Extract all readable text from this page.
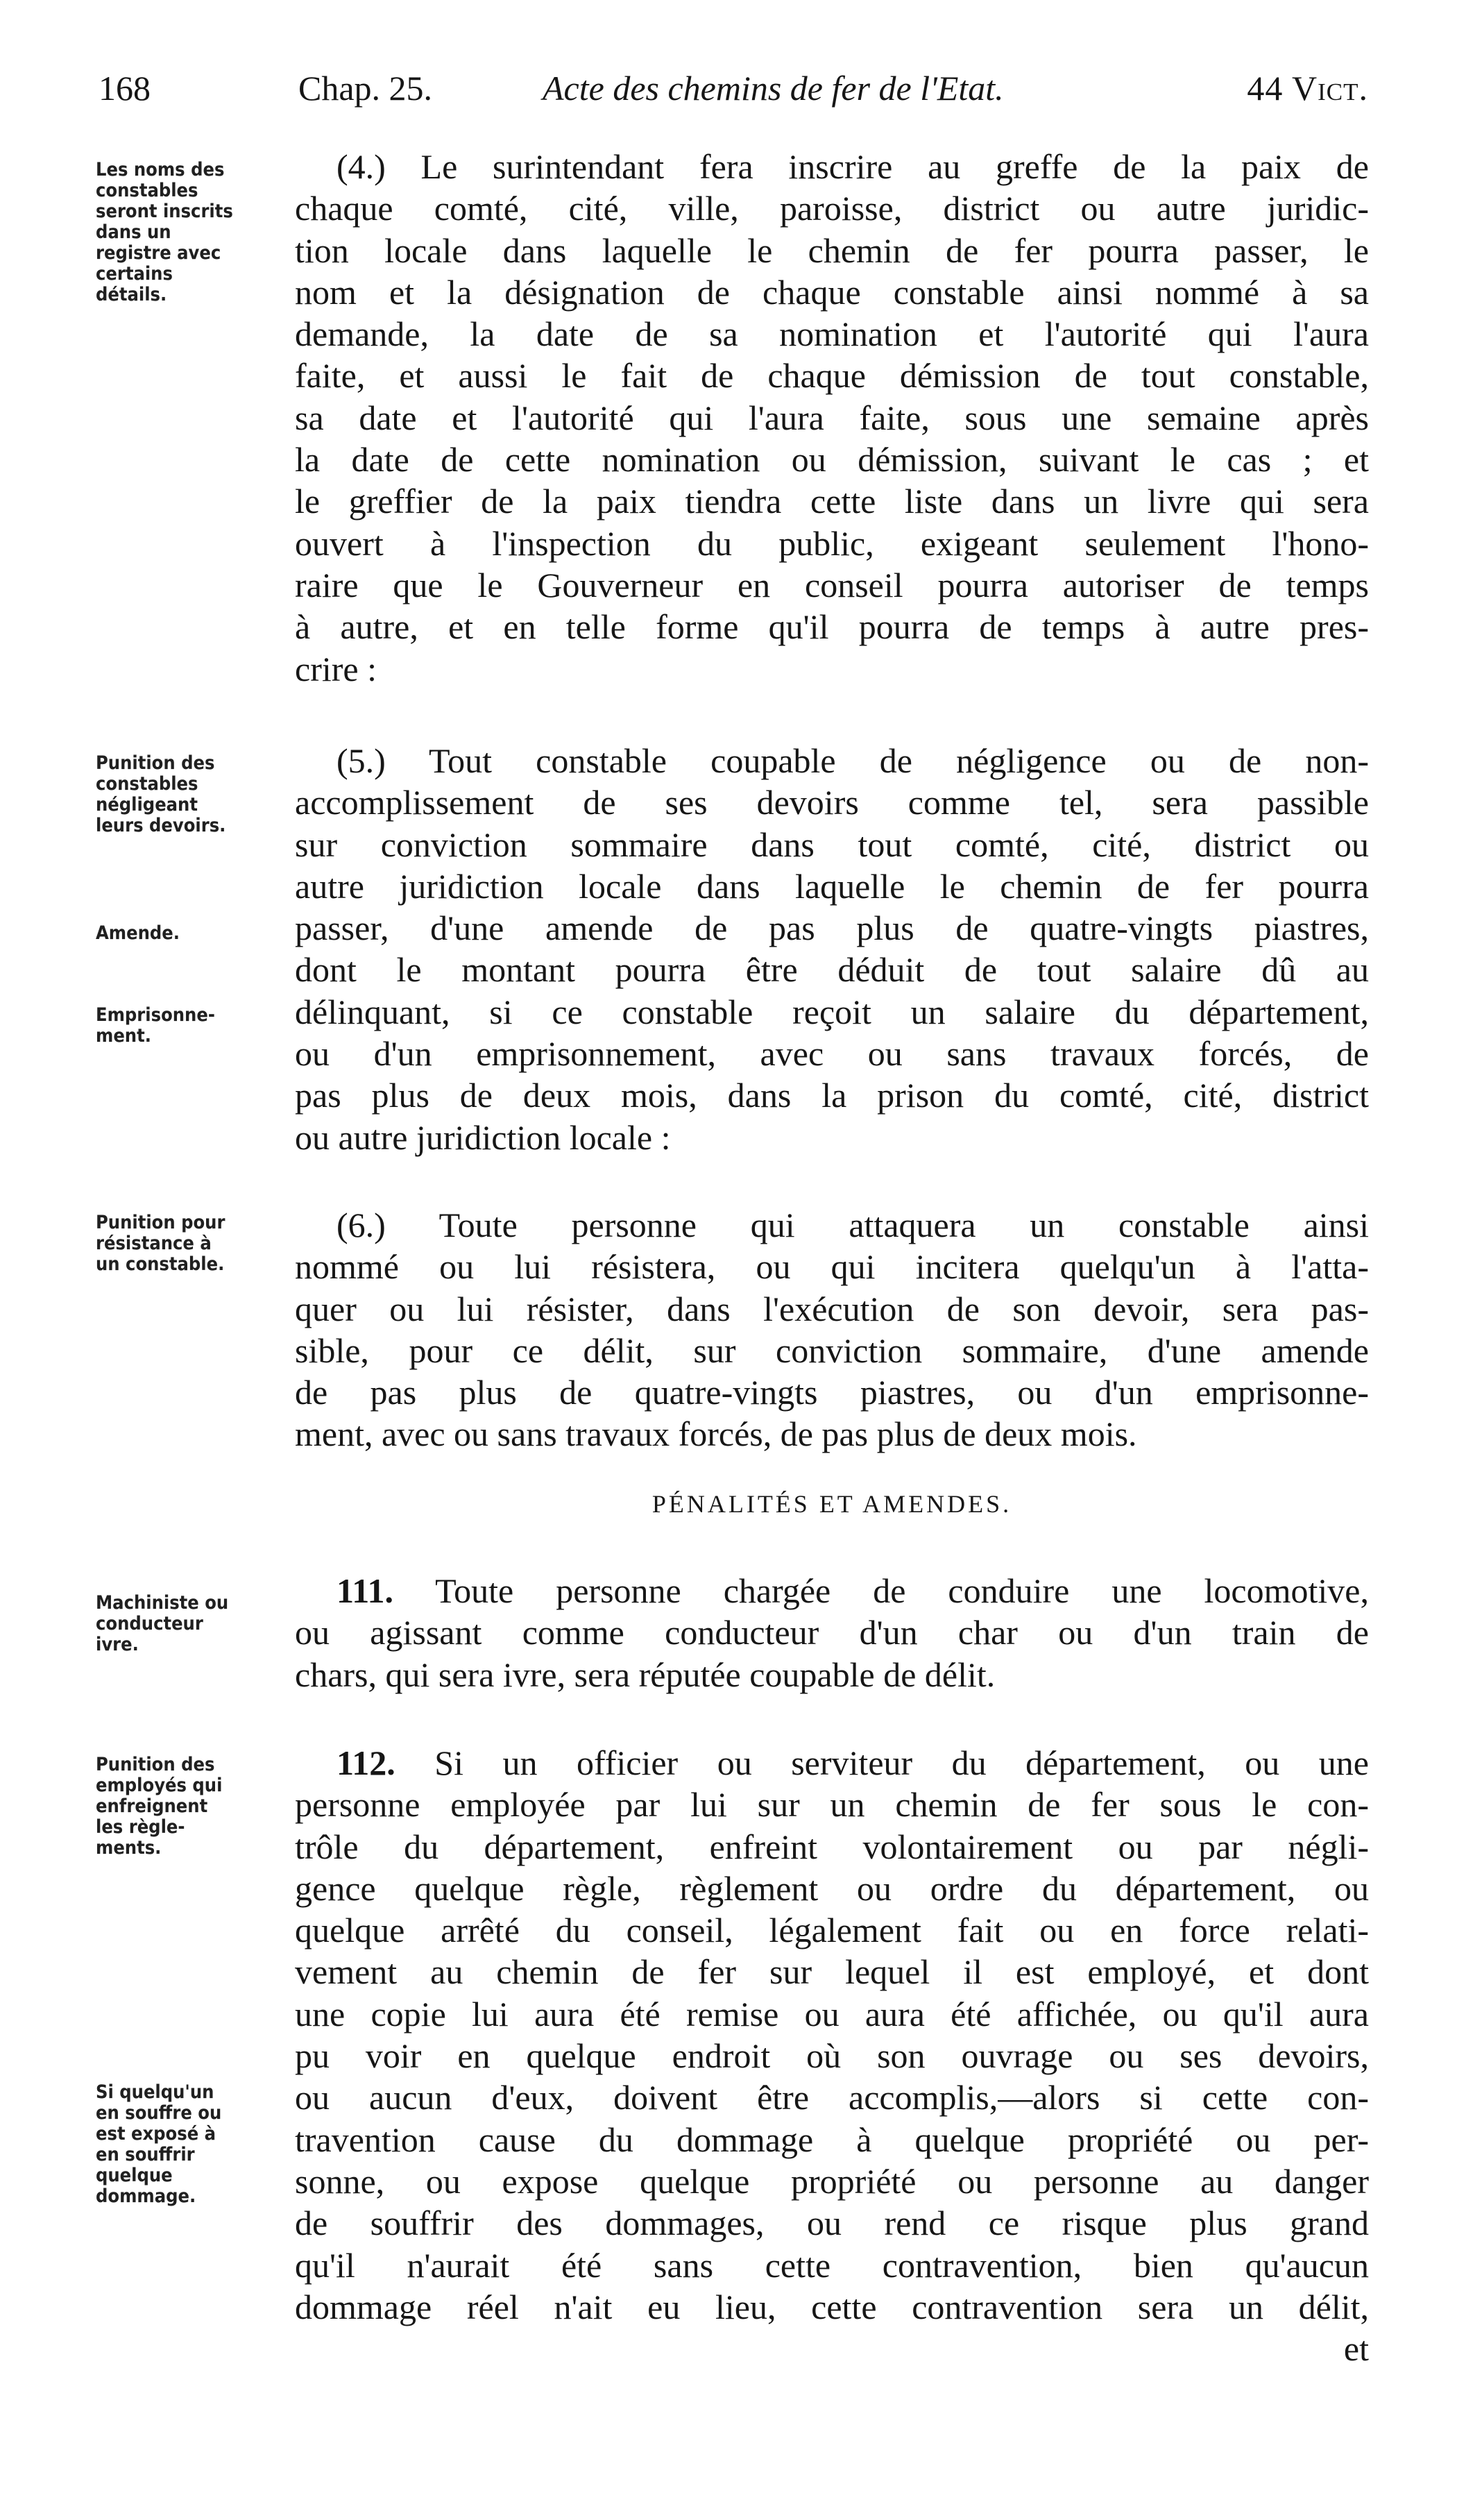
168	Chap. 25.	Acte des chemins de fer de l'Etat.	44 Vict.
Les noms des
constables
seront inscrits
dans un
registre avec
certains
détails.
(4.) Le surintendant fera inscrire au greffe de la paix de
chaque comté, cité, ville, paroisse, district ou autre juridic-
tion locale dans laquelle le chemin de fer pourra passer, le
nom et la désignation de chaque constable ainsi nommé à sa
demande, la date de sa nomination et l'autorité qui l'aura
faite, et aussi le fait de chaque démission de tout constable,
sa date et l'autorité qui l'aura faite, sous une semaine après
la date de cette nomination ou démission, suivant le cas ; et
le greffier de la paix tiendra cette liste dans un livre qui sera
ouvert à l'inspection du public, exigeant seulement l'hono-
raire que le Gouverneur en conseil pourra autoriser de temps
à autre, et en telle forme qu'il pourra de temps à autre pres-
crire :
Punition des
constables
négligeant
leurs devoirs.
Amende.
Emprisonne-
ment.
(5.) Tout constable coupable de négligence ou de non-
accomplissement de ses devoirs comme tel, sera passible
sur conviction sommaire dans tout comté, cité, district ou
autre juridiction locale dans laquelle le chemin de fer pourra
passer, d'une amende de pas plus de quatre-vingts piastres,
dont le montant pourra être déduit de tout salaire dû au
délinquant, si ce constable reçoit un salaire du département,
ou d'un emprisonnement, avec ou sans travaux forcés, de
pas plus de deux mois, dans la prison du comté, cité, district
ou autre juridiction locale :
Punition pour
résistance à
un constable.
(6.) Toute personne qui attaquera un constable ainsi
nommé ou lui résistera, ou qui incitera quelqu'un à l'atta-
quer ou lui résister, dans l'exécution de son devoir, sera pas-
sible, pour ce délit, sur conviction sommaire, d'une amende
de pas plus de quatre-vingts piastres, ou d'un emprisonne-
ment, avec ou sans travaux forcés, de pas plus de deux mois.
PÉNALITÉS ET AMENDES.
Machiniste ou
conducteur
ivre.
111. Toute personne chargée de conduire une locomotive,
ou agissant comme conducteur d'un char ou d'un train de
chars, qui sera ivre, sera réputée coupable de délit.
Punition des
employés qui
enfreignent
les règle-
ments.
Si quelqu'un
en souffre ou
est exposé à
en souffrir
quelque
dommage.
112. Si un officier ou serviteur du département, ou une
personne employée par lui sur un chemin de fer sous le con-
trôle du département, enfreint volontairement ou par négli-
gence quelque règle, règlement ou ordre du département, ou
quelque arrêté du conseil, légalement fait ou en force relati-
vement au chemin de fer sur lequel il est employé, et dont
une copie lui aura été remise ou aura été affichée, ou qu'il aura
pu voir en quelque endroit où son ouvrage ou ses devoirs,
ou aucun d'eux, doivent être accomplis,—alors si cette con-
travention cause du dommage à quelque propriété ou per-
sonne, ou expose quelque propriété ou personne au danger
de souffrir des dommages, ou rend ce risque plus grand
qu'il n'aurait été sans cette contravention, bien qu'aucun
dommage réel n'ait eu lieu, cette contravention sera un délit,
et
